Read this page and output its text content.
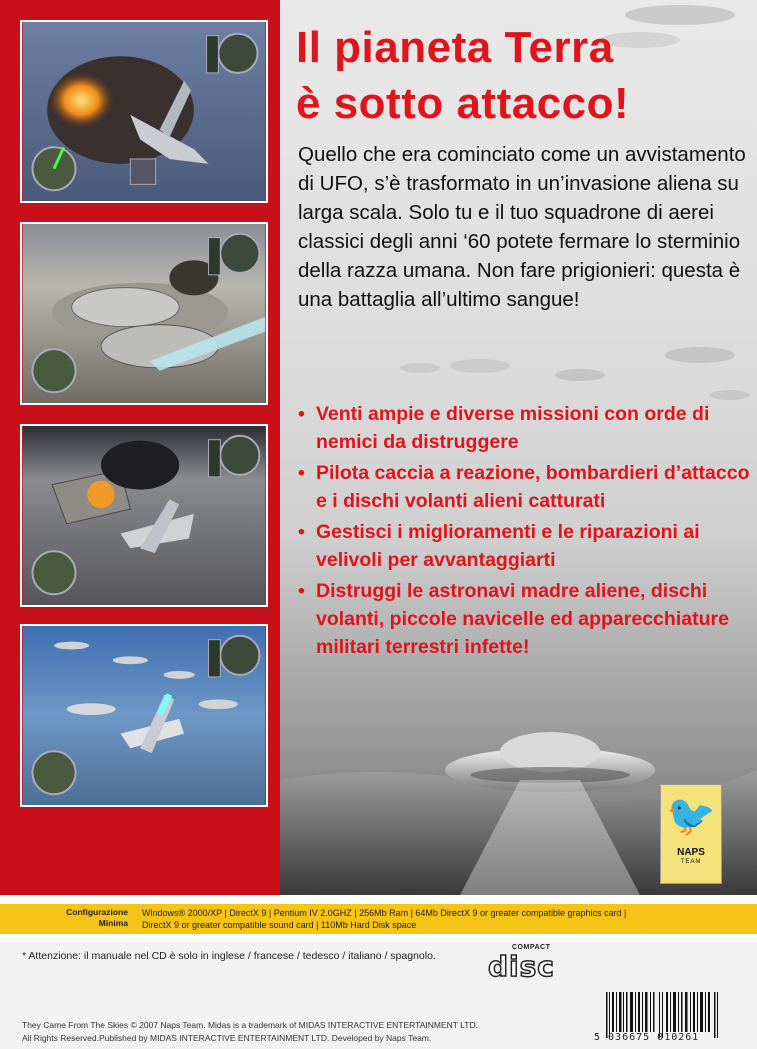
Il pianeta Terra
è sotto attacco!

Quello che era cominciato come un avvistamento di UFO, s’è trasformato in un’invasione aliena su larga scala. Solo tu e il tuo squadrone di aerei classici degli anni ‘60 potete fermare lo sterminio della razza umana. Non fare prigionieri: questa è una battaglia all’ultimo sangue!

• Venti ampie e diverse missioni con orde di nemici da distruggere
• Pilota caccia a reazione, bombardieri d’attacco e i dischi volanti alieni catturati
• Gestisci i miglioramenti e le riparazioni ai velivoli per avvantaggiarti
• Distruggi le astronavi madre aliene, dischi volanti, piccole navicelle ed apparecchiature militari terrestri infette!
🐦
NAPS
TEAM
Configurazione
Minima
Windows® 2000/XP | DirectX 9 | Pentium IV 2.0GHZ | 256Mb Ram | 64Mb DirectX 9 or greater compatible graphics card |
DirectX 9 or greater compatible sound card | 110Mb Hard Disk space
* Attenzione: il manuale nel CD è solo in inglese / francese / tedesco / italiano / spagnolo.
COMPACT
disc
They Came From The Skies © 2007 Naps Team. Midas is a trademark of MIDAS INTERACTIVE ENTERTAINMENT LTD.
All Rights Reserved.Published by MIDAS INTERACTIVE ENTERTAINMENT LTD. Developed by Naps Team.	5 036675 010261
